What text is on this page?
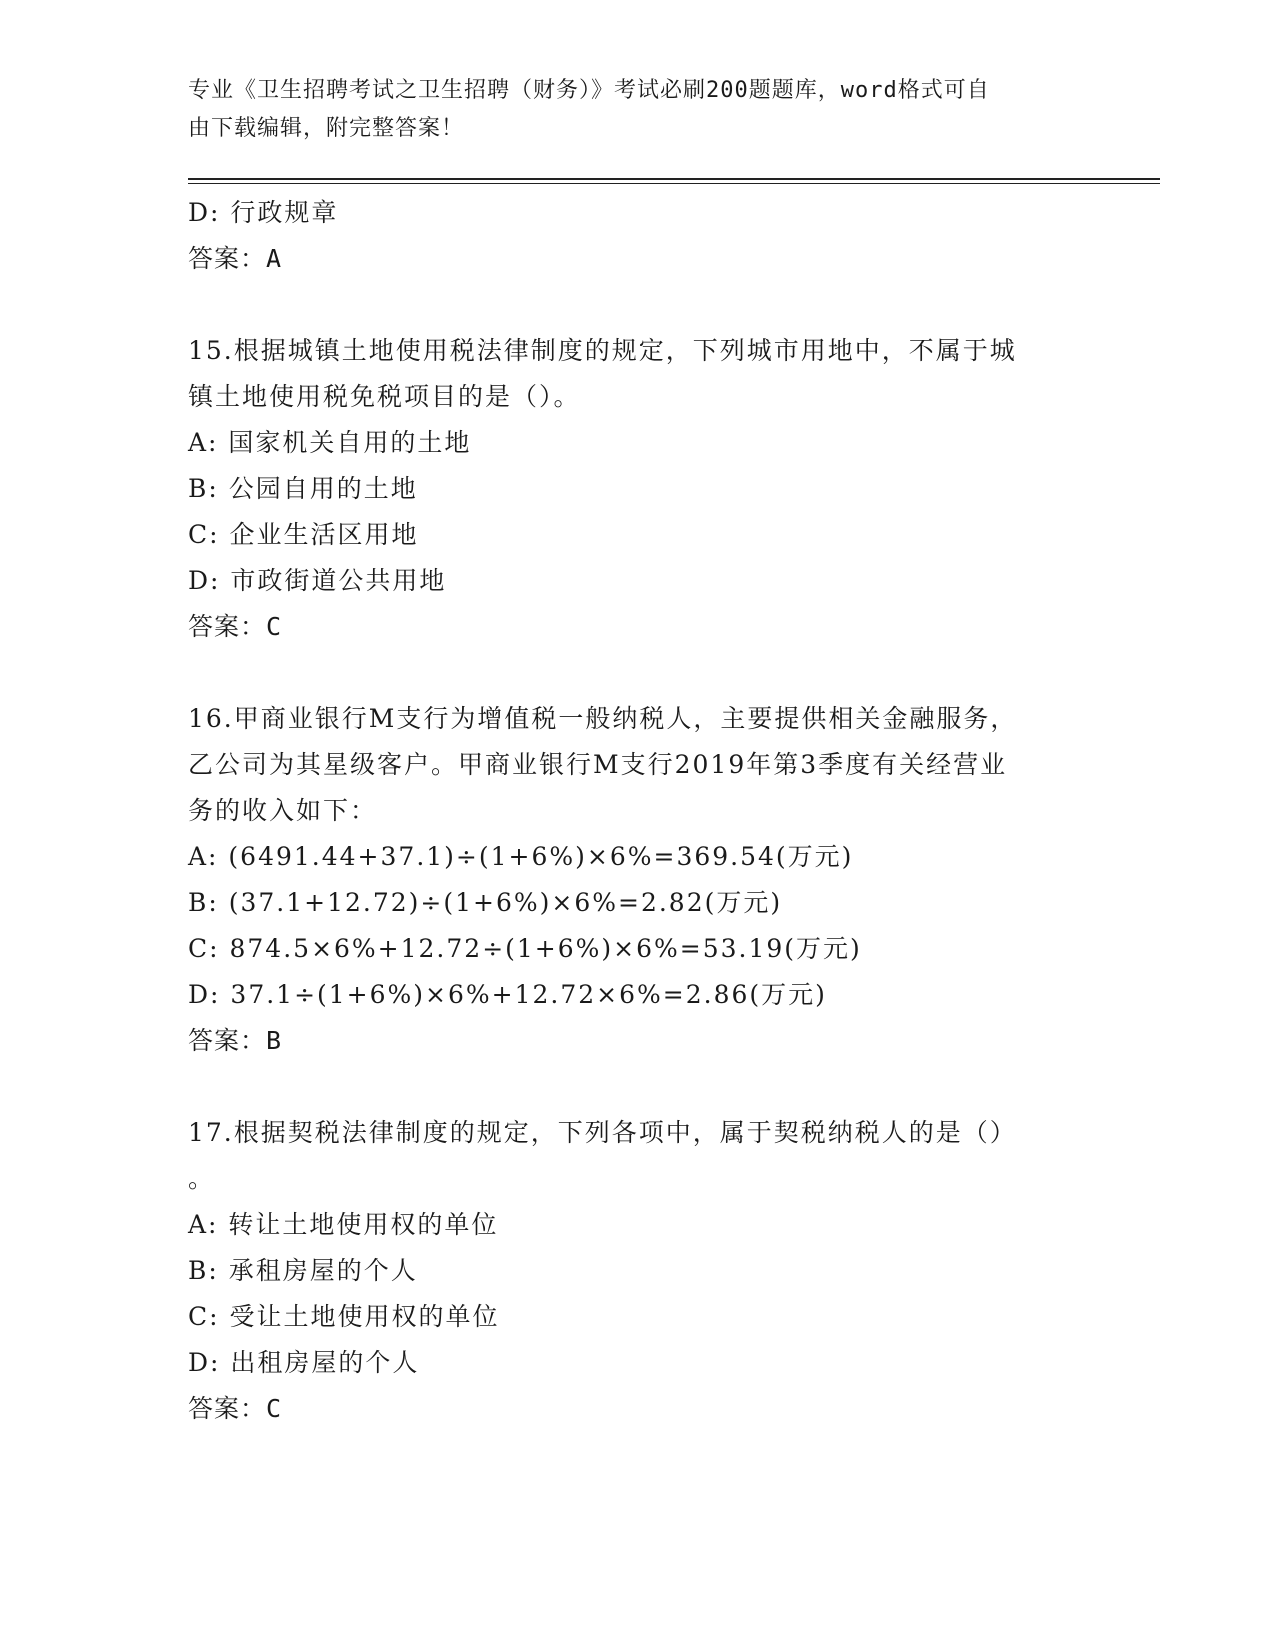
专业《卫生招聘考试之卫生招聘（财务）》考试必刷200题题库，word格式可自
由下载编辑，附完整答案！
D: 行政规章
答案：A
15.根据城镇土地使用税法律制度的规定，下列城市用地中，不属于城
镇土地使用税免税项目的是（）。
A: 国家机关自用的土地
B: 公园自用的土地
C: 企业生活区用地
D: 市政街道公共用地
答案：C
16.甲商业银行M支行为增值税一般纳税人，主要提供相关金融服务，
乙公司为其星级客户。甲商业银行M支行2019年第3季度有关经营业
务的收入如下：
A: (6491.44+37.1)÷(1+6%)×6%=369.54(万元)
B: (37.1+12.72)÷(1+6%)×6%=2.82(万元)
C: 874.5×6%+12.72÷(1+6%)×6%=53.19(万元)
D: 37.1÷(1+6%)×6%+12.72×6%=2.86(万元)
答案：B
17.根据契税法律制度的规定，下列各项中，属于契税纳税人的是（）
。
A: 转让土地使用权的单位
B: 承租房屋的个人
C: 受让土地使用权的单位
D: 出租房屋的个人
答案：C
